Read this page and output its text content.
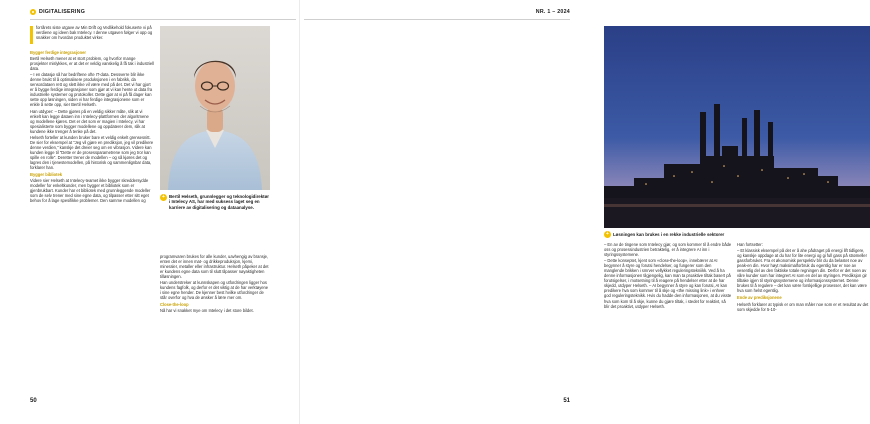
DIGITALISERING

forrårets siste utgave av Min Drift og Vedlikehold fokuserte vi på verdiene og ideen bak Intelecy. I denne utgaven følger vi opp og snakker om hvordan produktet virker.

Bygger ferdige integrasjoner

Bertil Helseth mener at et stort problem, og hvorfor mange prosjekter mislykkes, er at det er veldig vanskelig å få tak i industriell data.

– I en datasjø så har bedriftene ofte IT-data. Dessverre blir ikke denne brukt til å optimalisere produksjonen i en fabrikk, da sensordataen rett og slett ikke vil være med på det. Det vi har gjort er å bygge ferdige integrasjoner som gjør at vi kan hente ut data fra industrielle systemer og protokoller. Dette gjør at vi på få dager kan sette opp løsningen, siden vi har ferdige integrasjonene som er enkle å sette opp, sier Bertil Helseth.

Han utdyper: – Dette gjøres på en veldig sikker måte, slik at vi enkelt kan legge dataen inn i Intelecy-plattformen der algoritmene og modellene kjøres. Det er det som er magien i Intelecy, vi har spesialisterte som bygger modellene og oppdaterer dem, slik at kundene ikke trenger å tenke på det.

Helseth forteller at kunden bruker bare et veldig enkelt grensesnitt. De sier for eksempel at "Jeg vil gjøre en prediksjon, jeg vil predikere denne verdien," kanskje det dreier seg om en vibrasjon. Videre kan kunden legge til "Dette er de prosessparametrene som jeg tror kan spille en rolle". Deretter trener de modellen – og så kjøres det og lagres den i tjenestemodellen, på historisk og sammenlignbar data, forklarer han.

Bygger bibliotek

Videre sier Helseth at Intelecy-teamet ikke bygger skreddersydde modeller for enkeltkunder, men bygger et bibliotek som er gjenbrukbart. Kunder har et bibliotek med grunnleggende modeller som de selv trener med sine egne data, og tilpasser etter sitt eget behov for å lage spesifikke problemer. Den samme modellen og

+ Bertil Helseth, grunnlegger og teknologidirektør i Intelecy AS, har med suksess laget seg en karriere av digitalisering og dataanalyse.

programvaren brukes for alle kunder, uavhengig av bransje, enten det er innen mat- og drikkeproduksjon, kjemi, mineraler, metaller eller infrastruktur. Helseth påpeker at det er kundens egne data som til slutt tilpasser nøyaktigheten tilløsningen.

Han understreker at kunnskapen og utfordringen ligger hos kundens fagfolk, og derfor er det viktig at de har verktøyene i sine egne hender. De kjenner best hvilke utfordringer de står overfor og hva de ønsker å lære mer om.

Close-the-loop

Nå har vi snakket mye om Intelecy i det store bildet.

50
NR. 1 – 2024
+ Løsningen kan brukes i en rekke industrielle sektorer

– En av de tingene som Intelecy gjør, og som kommer til å endre både oss og prosessindustrien betraktelig, er å integrere AI inn i styringssystemene.

– Dette konseptet, kjent som «close-the-loop», innebærer at AI begynner å styre og forutsi hendelser, og fungerer som den manglende brikken i smrver vellykket reguleringstekniikk. Ved å ha denne informasjonen tilgjengelig, kan man ta proaktive tiltak basert på forutsigelser, i motsetning til å reagere på hendelser etter at de har skjedd, utdyper Helseth. – AI begynner å styre og kan forutsi, AI kan predikere hva som kommer til å skje og «the missing link» i enhver god reguleringsteknikk. Hvis du hadde den informasjonen, at du visste hva som kom til å skje, kunne du gjøre tiltak, i stedet for reaktivt, så blir det proaktivt, utdyper Helseth.

Han fortsetter:

– Et klassisk eksempel på det er å ahe pådraget på energi lift tidligere, og kanskje oppdage at du har for lite energi og gi full gass på strømeller gassforbruket. Fra et økonomisk perspektiv blir du da belastet noe av peak-en din. Hvor høyt maksimalforbruk du egentlig har er noe av vesentlig del av den faktiske totale regningen din. Derfor er det noen av våre kunder som har integrert AI som en del av styringen. Prediksjon gir tilbake igjen til styringssystemene og informasjonssystemet. Denne brukes til å regulere – det kan være forskjellige prosesser, det kan være hva som helst egentlig.

Ende av prediksjonene

Helseth forklarer at typisk er om man måler noe som er et resultat av det som skjedde for 5-10-

51
